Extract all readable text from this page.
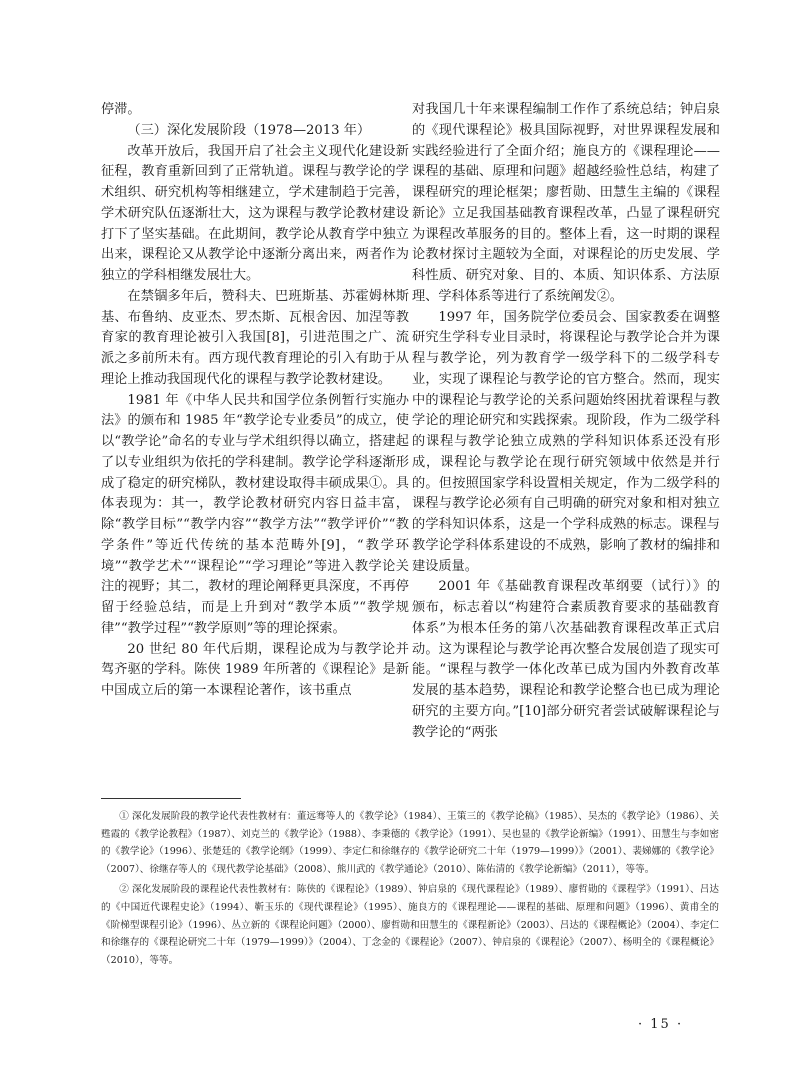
停滞。

（三）深化发展阶段（1978—2013 年）

改革开放后，我国开启了社会主义现代化建设新征程，教育重新回到了正常轨道。课程与教学论的学术组织、研究机构等相继建立，学术建制趋于完善，学术研究队伍逐渐壮大，这为课程与教学论教材建设打下了坚实基础。在此期间，教学论从教育学中独立出来，课程论又从教学论中逐渐分离出来，两者作为独立的学科相继发展壮大。

在禁锢多年后，赞科夫、巴班斯基、苏霍姆林斯基、布鲁纳、皮亚杰、罗杰斯、瓦根舍因、加涅等教育家的教育理论被引入我国[8]，引进范围之广、流派之多前所未有。西方现代教育理论的引入有助于从理论上推动我国现代化的课程与教学论教材建设。

1981 年《中华人民共和国学位条例暂行实施办法》的颁布和 1985 年“教学论专业委员”的成立，使以“教学论”命名的专业与学术组织得以确立，搭建起了以专业组织为依托的学科建制。教学论学科逐渐形成了稳定的研究梯队，教材建设取得丰硕成果①。具体表现为：其一，教学论教材研究内容日益丰富，除“教学目标”“教学内容”“教学方法”“教学评价”“教学条件”等近代传统的基本范畴外[9]，“教学环境”“教学艺术”“课程论”“学习理论”等进入教学论关注的视野；其二，教材的理论阐释更具深度，不再停留于经验总结，而是上升到对“教学本质”“教学规律”“教学过程”“教学原则”等的理论探索。

20 世纪 80 年代后期，课程论成为与教学论并驾齐驱的学科。陈侠 1989 年所著的《课程论》是新中国成立后的第一本课程论著作，该书重点

对我国几十年来课程编制工作作了系统总结；钟启泉的《现代课程论》极具国际视野，对世界课程发展和实践经验进行了全面介绍；施良方的《课程理论——课程的基础、原理和问题》超越经验性总结，构建了课程研究的理论框架；廖哲勋、田慧生主编的《课程新论》立足我国基础教育课程改革，凸显了课程研究为课程改革服务的目的。整体上看，这一时期的课程论教材探讨主题较为全面，对课程论的历史发展、学科性质、研究对象、目的、本质、知识体系、方法原理、学科体系等进行了系统阐发②。

1997 年，国务院学位委员会、国家教委在调整研究生学科专业目录时，将课程论与教学论合并为课程与教学论，列为教育学一级学科下的二级学科专业，实现了课程论与教学论的官方整合。然而，现实中的课程论与教学论的关系问题始终困扰着课程与教学论的理论研究和实践探索。现阶段，作为二级学科的课程与教学论独立成熟的学科知识体系还没有形成，课程论与教学论在现行研究领域中依然是并行的。但按照国家学科设置相关规定，作为二级学科的课程与教学论必须有自己明确的研究对象和相对独立的学科知识体系，这是一个学科成熟的标志。课程与教学论学科体系建设的不成熟，影响了教材的编排和建设质量。

2001 年《基础教育课程改革纲要（试行）》的颁布，标志着以“构建符合素质教育要求的基础教育体系”为根本任务的第八次基础教育课程改革正式启动。这为课程论与教学论再次整合发展创造了现实可能。“课程与教学一体化改革已成为国内外教育改革发展的基本趋势，课程论和教学论整合也已成为理论研究的主要方向。”[10]部分研究者尝试破解课程论与教学论的“两张

① 深化发展阶段的教学论代表性教材有：董远骞等人的《教学论》（1984）、王策三的《教学论稿》（1985）、吴杰的《教学论》（1986）、关甦霞的《教学论教程》（1987）、刘克兰的《教学论》（1988）、李秉德的《教学论》（1991）、吴也显的《教学论新编》（1991）、田慧生与李如密的《教学论》（1996）、张楚廷的《教学论纲》（1999）、李定仁和徐继存的《教学论研究二十年（1979—1999）》（2001）、裴娣娜的《教学论》（2007）、徐继存等人的《现代教学论基础》（2008）、熊川武的《教学通论》（2010）、陈佑清的《教学论新编》（2011），等等。

② 深化发展阶段的课程论代表性教材有：陈侠的《课程论》（1989）、钟启泉的《现代课程论》（1989）、廖哲勋的《课程学》（1991）、吕达的《中国近代课程史论》（1994）、靳玉乐的《现代课程论》（1995）、施良方的《课程理论——课程的基础、原理和问题》（1996）、黄甫全的《阶梯型课程引论》（1996）、丛立新的《课程论问题》（2000）、廖哲勋和田慧生的《课程新论》（2003）、吕达的《课程概论》（2004）、李定仁和徐继存的《课程论研究二十年（1979—1999）》（2004）、丁念金的《课程论》（2007）、钟启泉的《课程论》（2007）、杨明全的《课程概论》（2010），等等。

· 15 ·
